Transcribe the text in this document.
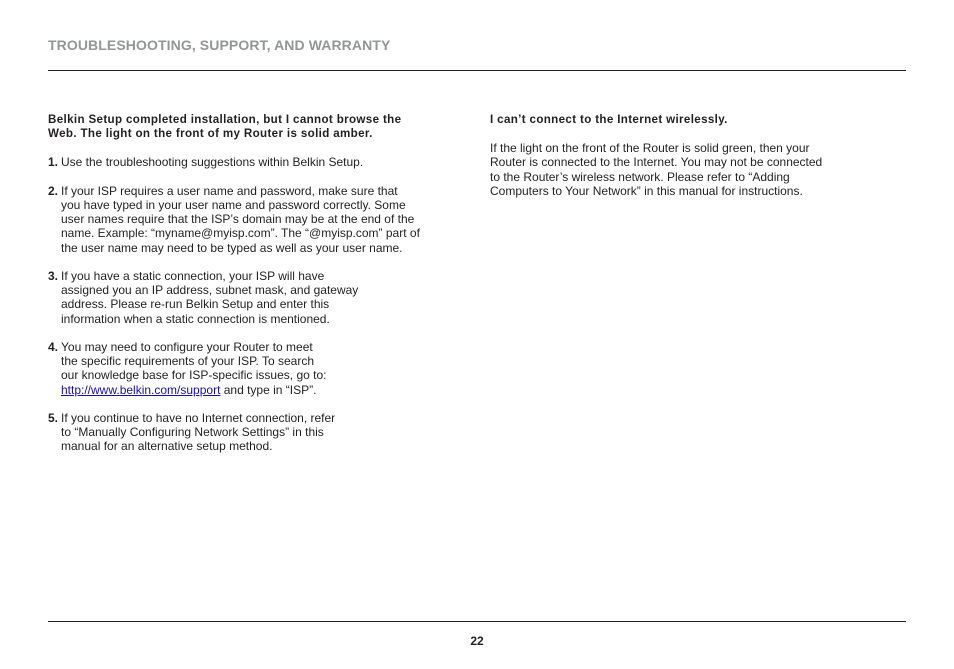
TROUBLESHOOTING, SUPPORT, AND WARRANTY
Belkin Setup completed installation, but I cannot browse the
Web. The light on the front of my Router is solid amber.
1. Use the troubleshooting suggestions within Belkin Setup.
2. If your ISP requires a user name and password, make sure that
you have typed in your user name and password correctly. Some
user names require that the ISP’s domain may be at the end of the
name. Example: “myname@myisp.com”. The “@myisp.com” part of
the user name may need to be typed as well as your user name.
3. If you have a static connection, your ISP will have
assigned you an IP address, subnet mask, and gateway
address. Please re-run Belkin Setup and enter this
information when a static connection is mentioned.
4. You may need to configure your Router to meet
the specific requirements of your ISP. To search
our knowledge base for ISP-specific issues, go to:
http://www.belkin.com/support and type in “ISP”.
5. If you continue to have no Internet connection, refer
to “Manually Configuring Network Settings” in this
manual for an alternative setup method.
I can’t connect to the Internet wirelessly.
If the light on the front of the Router is solid green, then your
Router is connected to the Internet. You may not be connected
to the Router’s wireless network. Please refer to “Adding
Computers to Your Network” in this manual for instructions.
22
